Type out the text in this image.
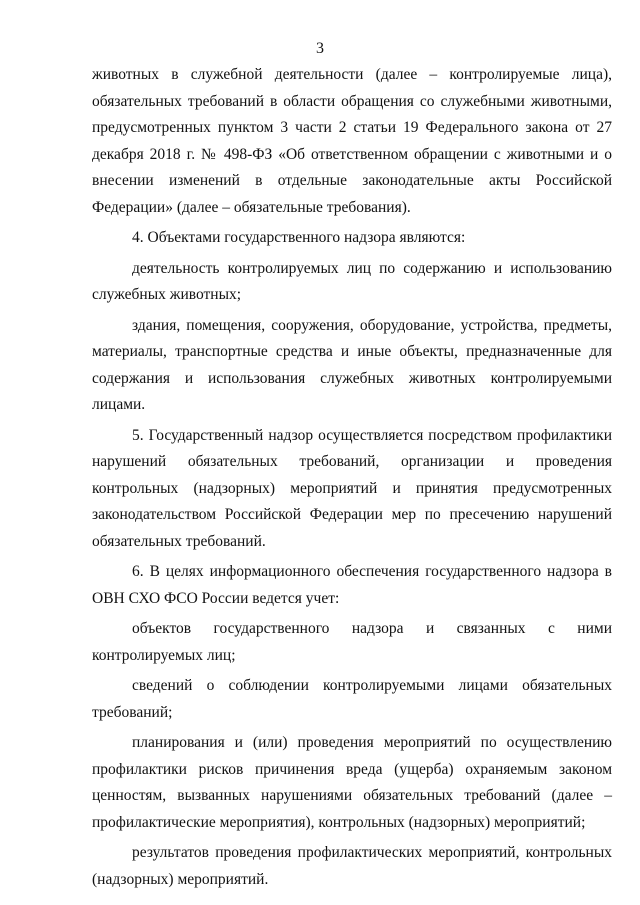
3

животных в служебной деятельности (далее – контролируемые лица), обязательных требований в области обращения со служебными животными, предусмотренных пунктом 3 части 2 статьи 19 Федерального закона от 27 декабря 2018 г. № 498-ФЗ «Об ответственном обращении с животными и о внесении изменений в отдельные законодательные акты Российской Федерации» (далее – обязательные требования).

4. Объектами государственного надзора являются:

деятельность контролируемых лиц по содержанию и использованию служебных животных;

здания, помещения, сооружения, оборудование, устройства, предметы, материалы, транспортные средства и иные объекты, предназначенные для содержания и использования служебных животных контролируемыми лицами.

5. Государственный надзор осуществляется посредством профилактики нарушений обязательных требований, организации и проведения контрольных (надзорных) мероприятий и принятия предусмотренных законодательством Российской Федерации мер по пресечению нарушений обязательных требований.

6. В целях информационного обеспечения государственного надзора в ОВН СХО ФСО России ведется учет:

объектов государственного надзора и связанных с ними контролируемых лиц;

сведений о соблюдении контролируемыми лицами обязательных требований;

планирования и (или) проведения мероприятий по осуществлению профилактики рисков причинения вреда (ущерба) охраняемым законом ценностям, вызванных нарушениями обязательных требований (далее – профилактические мероприятия), контрольных (надзорных) мероприятий;

результатов проведения профилактических мероприятий, контрольных (надзорных) мероприятий.
